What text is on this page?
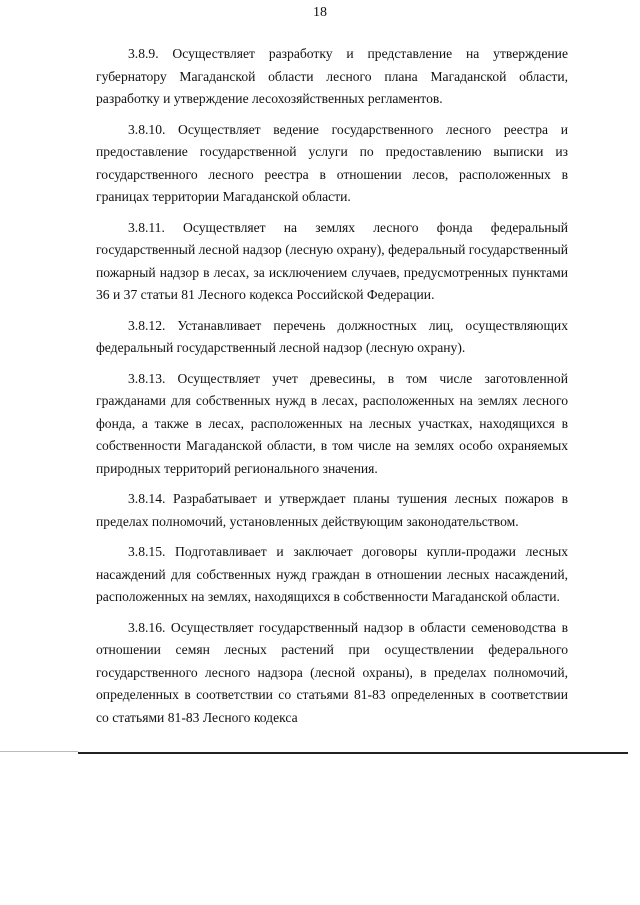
18

3.8.9. Осуществляет разработку и представление на утверждение губернатору Магаданской области лесного плана Магаданской области, разработку и утверждение лесохозяйственных регламентов.

3.8.10. Осуществляет ведение государственного лесного реестра и предоставление государственной услуги по предоставлению выписки из государственного лесного реестра в отношении лесов, расположенных в границах территории Магаданской области.

3.8.11. Осуществляет на землях лесного фонда федеральный государственный лесной надзор (лесную охрану), федеральный государственный пожарный надзор в лесах, за исключением случаев, предусмотренных пунктами 36 и 37 статьи 81 Лесного кодекса Российской Федерации.

3.8.12. Устанавливает перечень должностных лиц, осуществляющих федеральный государственный лесной надзор (лесную охрану).

3.8.13. Осуществляет учет древесины, в том числе заготовленной гражданами для собственных нужд в лесах, расположенных на землях лесного фонда, а также в лесах, расположенных на лесных участках, находящихся в собственности Магаданской области, в том числе на землях особо охраняемых природных территорий регионального значения.

3.8.14. Разрабатывает и утверждает планы тушения лесных пожаров в пределах полномочий, установленных действующим законодательством.

3.8.15. Подготавливает и заключает договоры купли-продажи лесных насаждений для собственных нужд граждан в отношении лесных насаждений, расположенных на землях, находящихся в собственности Магаданской области.

3.8.16. Осуществляет государственный надзор в области семеноводства в отношении семян лесных растений при осуществлении федерального государственного лесного надзора (лесной охраны), в пределах полномочий, определенных в соответствии со статьями 81-83 определенных в соответствии со статьями 81-83 Лесного кодекса
